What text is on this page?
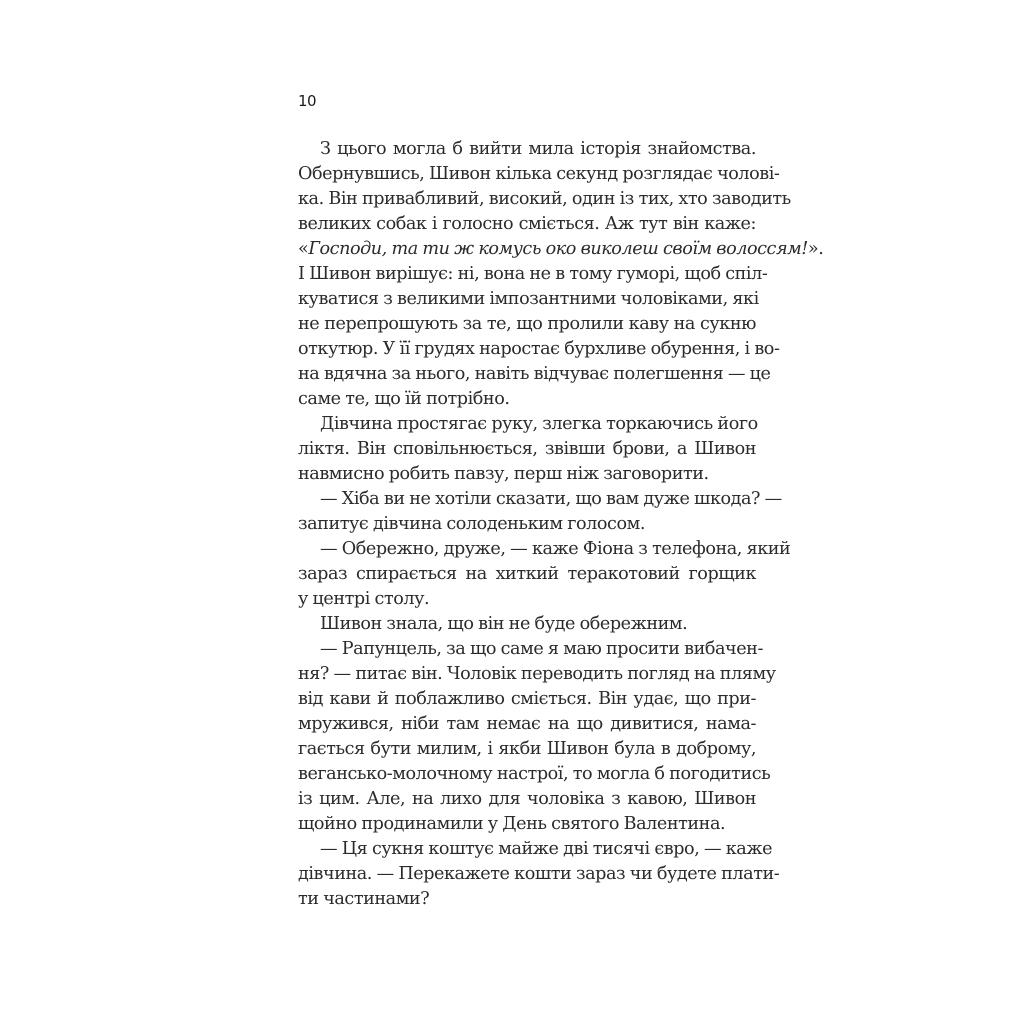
10
З цього могла б вийти мила історія знайомства.
Обернувшись, Шивон кілька секунд розглядає чолові-
ка. Він привабливий, високий, один із тих, хто заводить
великих собак і голосно сміється. Аж тут він каже:
«Господи, та ти ж комусь око виколеш своїм волоссям!».
І Шивон вирішує: ні, вона не в тому гуморі, щоб спіл-
куватися з великими імпозантними чоловіками, які
не перепрошують за те, що пролили каву на сукню
откутюр. У її грудях наростає бурхливе обурення, і во-
на вдячна за нього, навіть відчуває полегшення — це
саме те, що їй потрібно.
Дівчина простягає руку, злегка торкаючись його
ліктя. Він сповільнюється, звівши брови, а Шивон
навмисно робить павзу, перш ніж заговорити.
— Хіба ви не хотіли сказати, що вам дуже шкода? —
запитує дівчина солоденьким голосом.
— Обережно, друже, — каже Фіона з телефона, який
зараз спирається на хиткий теракотовий горщик
у центрі столу.
Шивон знала, що він не буде обережним.
— Рапунцель, за що саме я маю просити вибачен-
ня? — питає він. Чоловік переводить погляд на пляму
від кави й поблажливо сміється. Він удає, що при-
мружився, ніби там немає на що дивитися, нама-
гається бути милим, і якби Шивон була в доброму,
вегансько-молочному настрої, то могла б погодитись
із цим. Але, на лихо для чоловіка з кавою, Шивон
щойно продинамили у День святого Валентина.
— Ця сукня коштує майже дві тисячі євро, — каже
дівчина. — Перекажете кошти зараз чи будете плати-
ти частинами?
